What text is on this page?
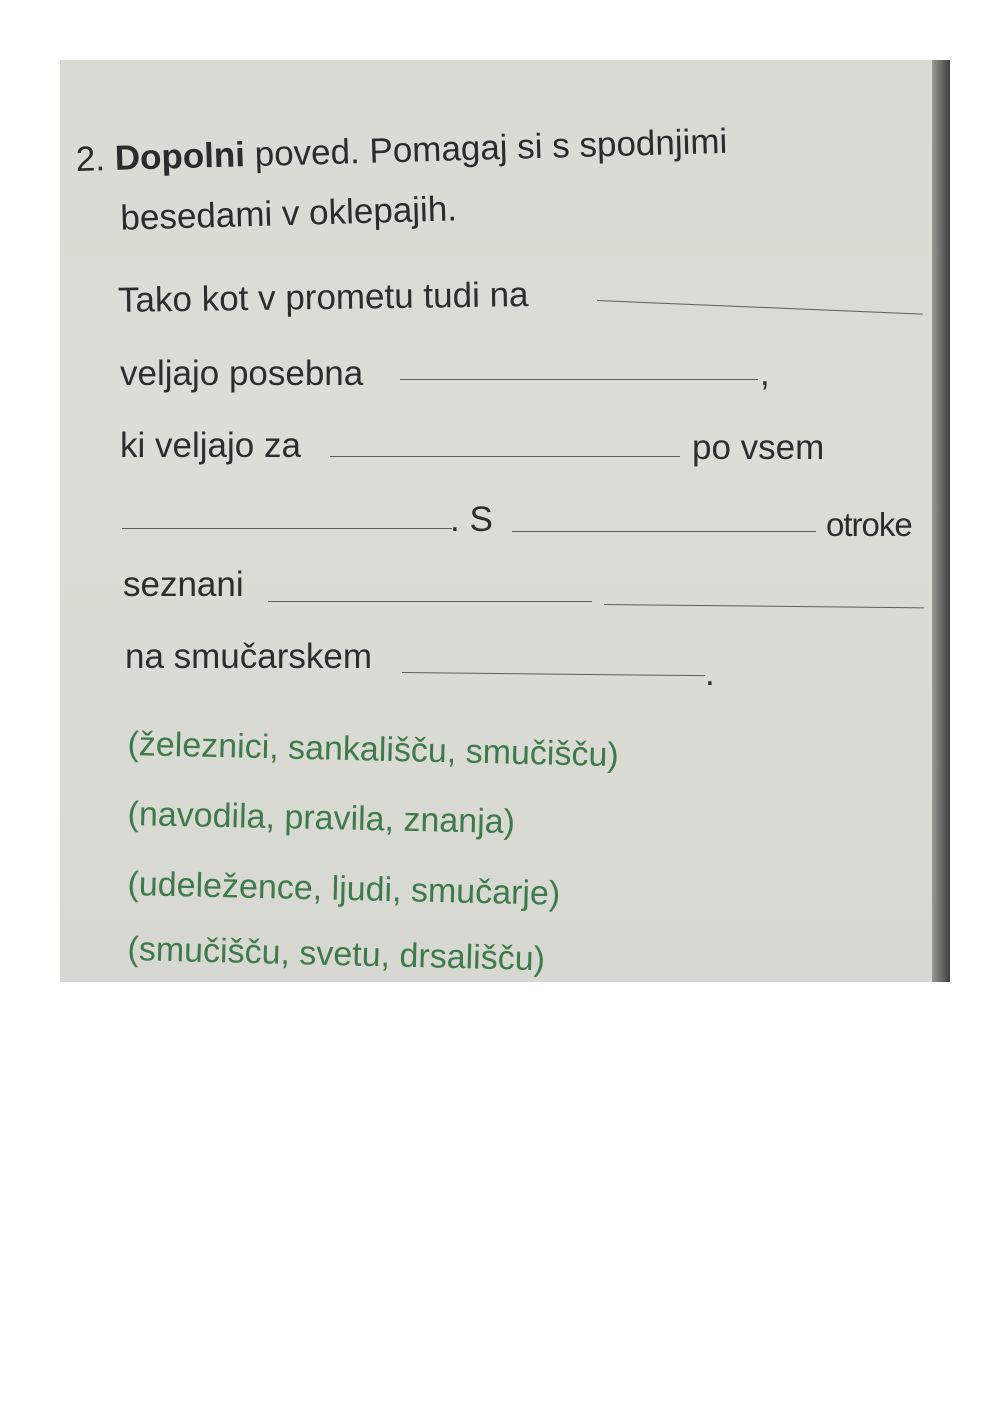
2. Dopolni poved. Pomagaj si s spodnjimi
besedami v oklepajih.
Tako kot v prometu tudi na
veljajo posebna	,
ki veljajo za	po vsem
. S	otroke
seznani
na smučarskem	.
(železnici, sankališču, smučišču)
(navodila, pravila, znanja)
(udeležence, ljudi, smučarje)
(smučišču, svetu, drsališču)
